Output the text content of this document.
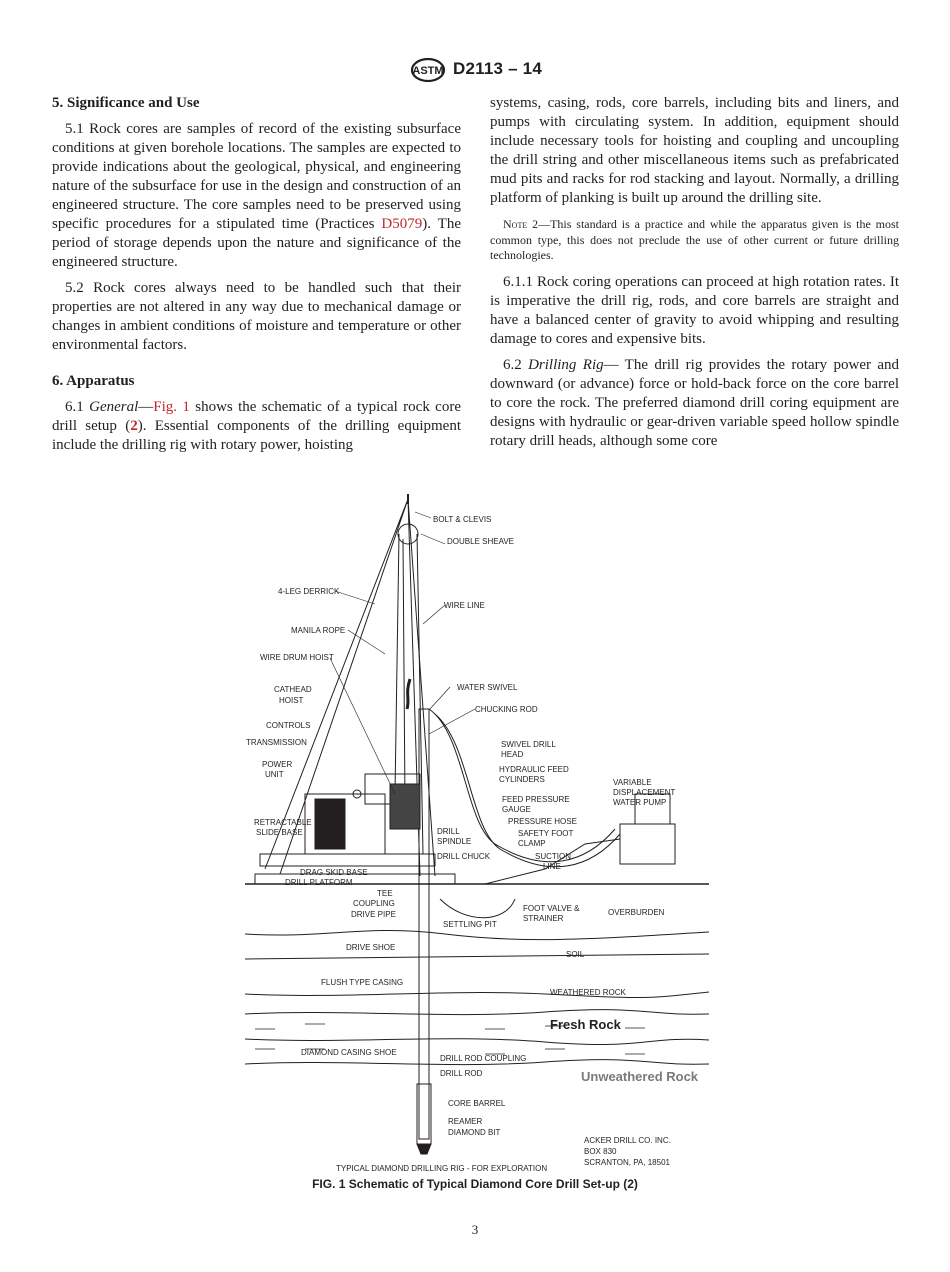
ASTM D2113 – 14
5. Significance and Use

5.1 Rock cores are samples of record of the existing subsurface conditions at given borehole locations. The samples are expected to provide indications about the geological, physical, and engineering nature of the subsurface for use in the design and construction of an engineered structure. The core samples need to be preserved using specific procedures for a stipulated time (Practices D5079). The period of storage depends upon the nature and significance of the engineered structure.

5.2 Rock cores always need to be handled such that their properties are not altered in any way due to mechanical damage or changes in ambient conditions of moisture and temperature or other environmental factors.

6. Apparatus

6.1 General—Fig. 1 shows the schematic of a typical rock core drill setup (2). Essential components of the drilling equipment include the drilling rig with rotary power, hoisting

systems, casing, rods, core barrels, including bits and liners, and pumps with circulating system. In addition, equipment should include necessary tools for hoisting and coupling and uncoupling the drill string and other miscellaneous items such as prefabricated mud pits and racks for rod stacking and layout. Normally, a drilling platform of planking is built up around the drilling site.

Note 2—This standard is a practice and while the apparatus given is the most common type, this does not preclude the use of other current or future drilling technologies.

6.1.1 Rock coring operations can proceed at high rotation rates. It is imperative the drill rig, rods, and core barrels are straight and have a balanced center of gravity to avoid whipping and resulting damage to cores and expensive bits.

6.2 Drilling Rig— The drill rig provides the rotary power and downward (or advance) force or hold-back force on the core barrel to core the rock. The preferred diamond drill coring equipment are designs with hydraulic or gear-driven variable speed hollow spindle rotary drill heads, although some core

BOLT & CLEVIS
DOUBLE SHEAVE
4-LEG DERRICK
WIRE LINE
MANILA ROPE
WIRE DRUM HOIST
CATHEAD
HOIST
WATER SWIVEL
CHUCKING ROD
CONTROLS
TRANSMISSION	SWIVEL DRILL
HEAD
POWER
UNIT
HYDRAULIC FEED
CYLINDERS	VARIABLE
DISPLACEMENT
WATER PUMP
FEED PRESSURE
GAUGE
PRESSURE HOSE
RETRACTABLE
SLIDE BASE	DRILL
SPINDLE
SAFETY FOOT
CLAMP
DRILL CHUCK	SUCTION
LINE
DRAG SKID BASE
DRILL PLATFORM
TEE
COUPLING
DRIVE PIPE
FOOT VALVE &
STRAINER
OVERBURDEN
SETTLING PIT
DRIVE SHOE
SOIL
FLUSH TYPE CASING
WEATHERED ROCK
Fresh Rock
DIAMOND CASING SHOE
DRILL ROD COUPLING
DRILL ROD	Unweathered Rock
CORE BARREL
REAMER
DIAMOND BIT
ACKER DRILL CO. INC.
BOX 830
SCRANTON, PA, 18501
TYPICAL DIAMOND DRILLING RIG - FOR EXPLORATION
FIG. 1 Schematic of Typical Diamond Core Drill Set-up (2)
3
